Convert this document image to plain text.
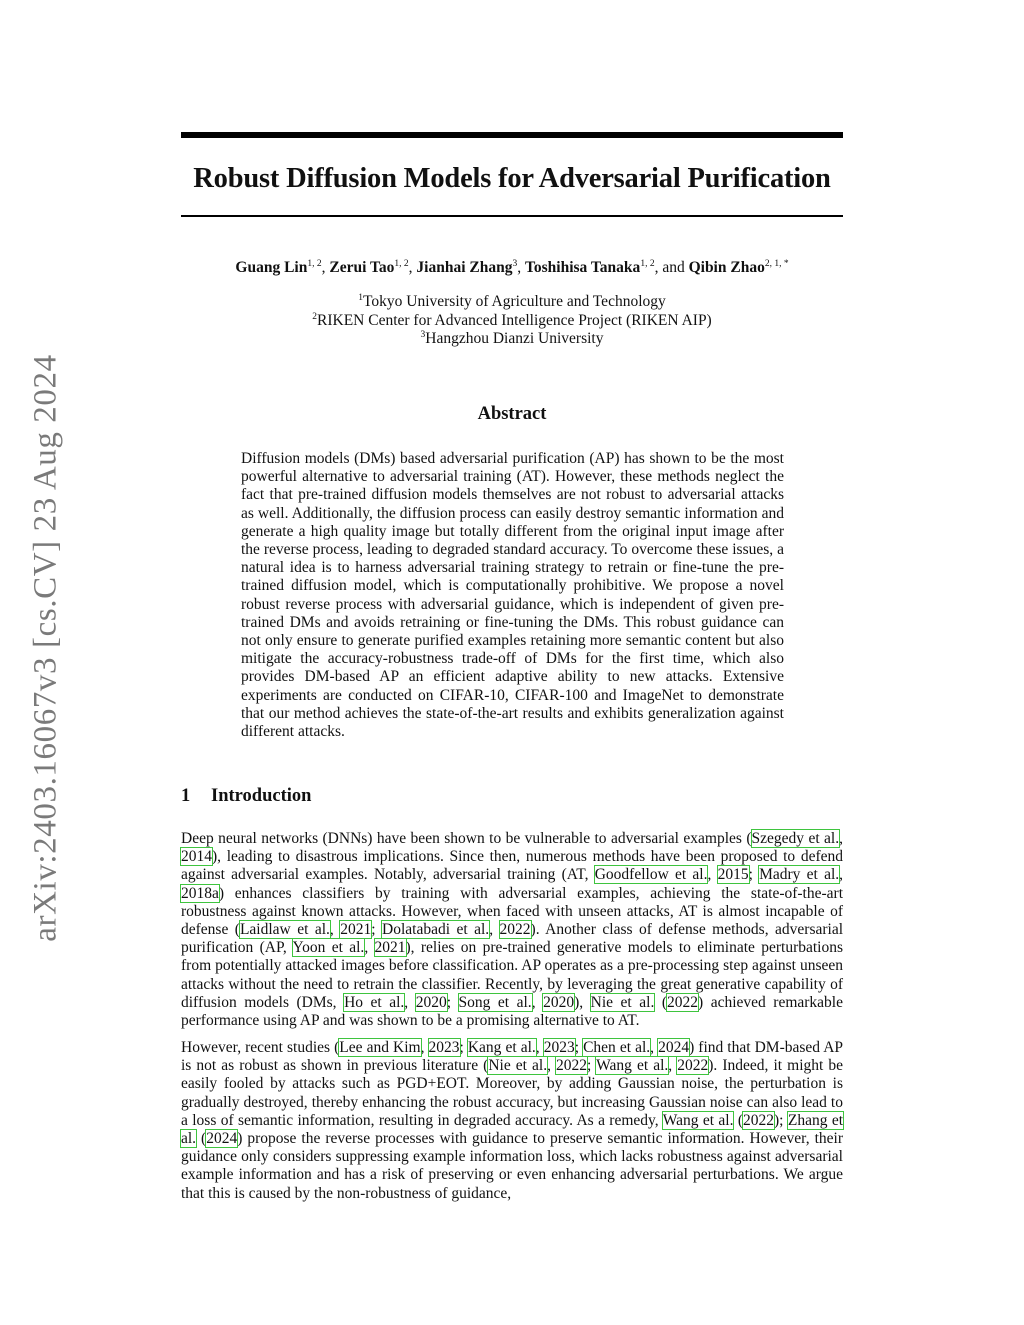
arXiv:2403.16067v3 [cs.CV] 23 Aug 2024
Robust Diffusion Models for Adversarial Purification
Guang Lin$^{1, 2}$, Zerui Tao$^{1, 2}$, Jianhai Zhang$^3$, Toshihisa Tanaka$^{1, 2}$, and Qibin Zhao$^{2, 1, *}$
$^1$Tokyo University of Agriculture and Technology
$^2$RIKEN Center for Advanced Intelligence Project (RIKEN AIP)
$^3$Hangzhou Dianzi University
Abstract
Diffusion models (DMs) based adversarial purification (AP) has shown to be the most powerful alternative to adversarial training (AT). However, these methods neglect the fact that pre-trained diffusion models themselves are not robust to adversarial attacks as well. Additionally, the diffusion process can easily destroy semantic information and generate a high quality image but totally different from the original input image after the reverse process, leading to degraded standard accuracy. To overcome these issues, a natural idea is to harness adversarial training strategy to retrain or fine-tune the pre-trained diffusion model, which is computationally prohibitive. We propose a novel robust reverse process with adversarial guidance, which is independent of given pre-trained DMs and avoids retraining or fine-tuning the DMs. This robust guidance can not only ensure to generate purified examples retaining more semantic content but also mitigate the accuracy-robustness trade-off of DMs for the first time, which also provides DM-based AP an efficient adaptive ability to new attacks. Extensive experiments are conducted on CIFAR-10, CIFAR-100 and ImageNet to demonstrate that our method achieves the state-of-the-art results and exhibits generalization against different attacks.
1 Introduction

Deep neural networks (DNNs) have been shown to be vulnerable to adversarial examples (Szegedy et al., 2014), leading to disastrous implications. Since then, numerous methods have been proposed to defend against adversarial examples. Notably, adversarial training (AT, Goodfellow et al., 2015; Madry et al., 2018a) enhances classifiers by training with adversarial examples, achieving the state-of-the-art robustness against known attacks. However, when faced with unseen attacks, AT is almost incapable of defense (Laidlaw et al., 2021; Dolatabadi et al., 2022). Another class of defense methods, adversarial purification (AP, Yoon et al., 2021), relies on pre-trained generative models to eliminate perturbations from potentially attacked images before classification. AP operates as a pre-processing step against unseen attacks without the need to retrain the classifier. Recently, by leveraging the great generative capability of diffusion models (DMs, Ho et al., 2020; Song et al., 2020), Nie et al. (2022) achieved remarkable performance using AP and was shown to be a promising alternative to AT.

However, recent studies (Lee and Kim, 2023; Kang et al., 2023; Chen et al., 2024) find that DM-based AP is not as robust as shown in previous literature (Nie et al., 2022; Wang et al., 2022). Indeed, it might be easily fooled by attacks such as PGD+EOT. Moreover, by adding Gaussian noise, the perturbation is gradually destroyed, thereby enhancing the robust accuracy, but increasing Gaussian noise can also lead to a loss of semantic information, resulting in degraded accuracy. As a remedy, Wang et al. (2022); Zhang et al. (2024) propose the reverse processes with guidance to preserve semantic information. However, their guidance only considers suppressing example information loss, which lacks robustness against adversarial example information and has a risk of preserving or even enhancing adversarial perturbations. We argue that this is caused by the non-robustness of guidance,
